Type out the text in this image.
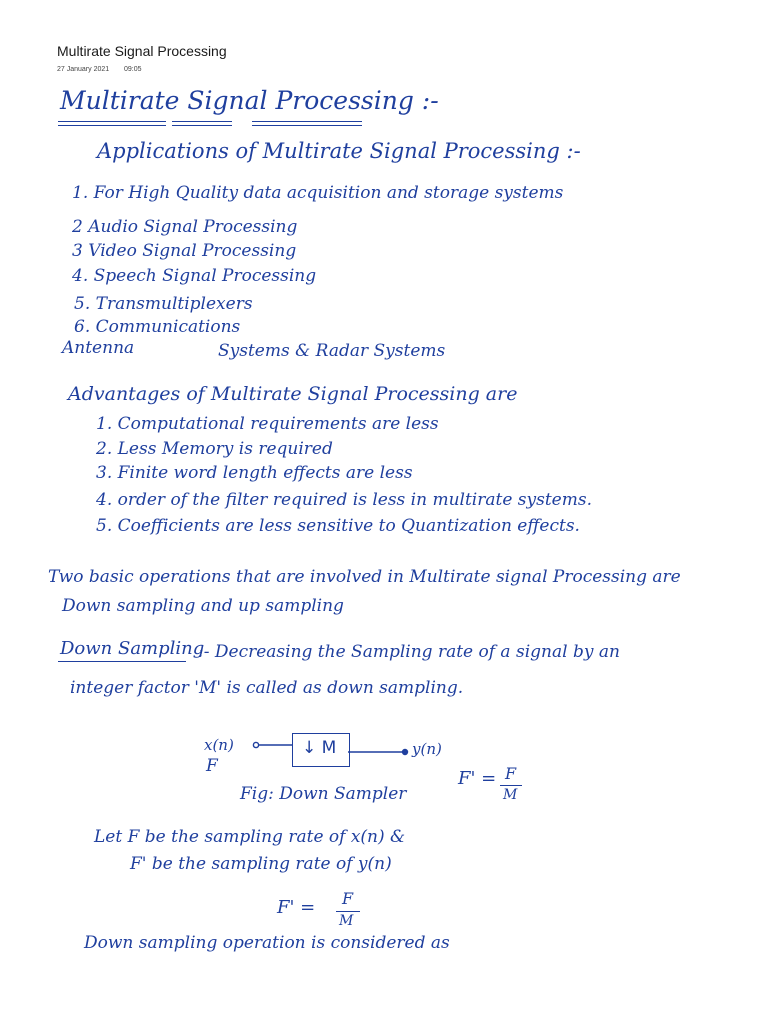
Multirate Signal Processing
27 January 2021 09:05
Multirate Signal Processing :-
Applications of Multirate Signal Processing :-
1. For High Quality data acquisition and storage systems
2 Audio Signal Processing
3 Video Signal Processing
4. Speech Signal Processing
5. Transmultiplexers
6. Communications
Antenna	Systems & Radar Systems
Advantages of Multirate Signal Processing are
1. Computational requirements are less
2. Less Memory is required
3. Finite word length effects are less
4. order of the filter required is less in multirate systems.
5. Coefficients are less sensitive to Quantization effects.
Two basic operations that are involved in Multirate signal Processing are
Down sampling and up sampling
Down Sampling
:- Decreasing the Sampling rate of a signal by an
integer factor 'M' is called as down sampling.
x(n)
F
↓ M	y(n)
F' = F
M
Fig: Down Sampler
Let F be the sampling rate of x(n) &
F' be the sampling rate of y(n)
F' = F
M
Down sampling operation is considered as
